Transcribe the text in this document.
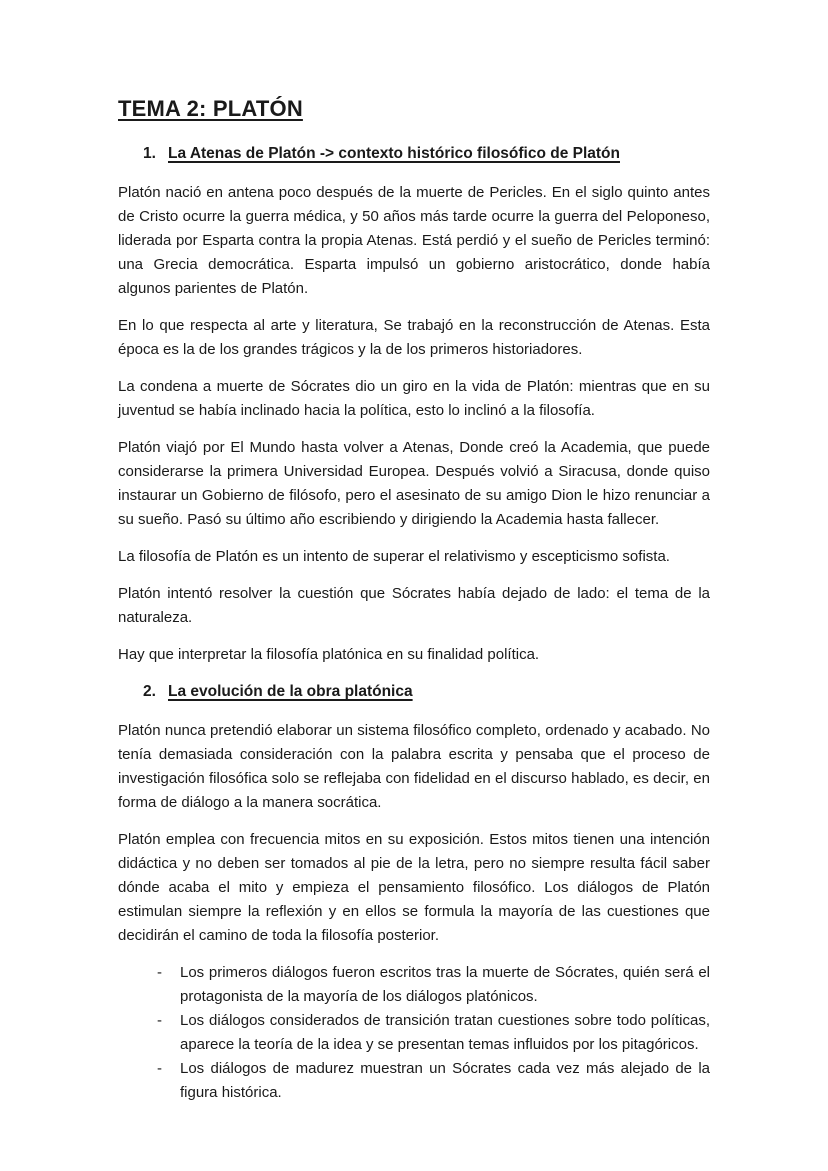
TEMA 2: PLATÓN
1. La Atenas de Platón -> contexto histórico filosófico de Platón

Platón nació en antena poco después de la muerte de Pericles. En el siglo quinto antes de Cristo ocurre la guerra médica, y 50 años más tarde ocurre la guerra del Peloponeso, liderada por Esparta contra la propia Atenas. Está perdió y el sueño de Pericles terminó: una Grecia democrática. Esparta impulsó un gobierno aristocrático, donde había algunos parientes de Platón.

En lo que respecta al arte y literatura, Se trabajó en la reconstrucción de Atenas. Esta época es la de los grandes trágicos y la de los primeros historiadores.

La condena a muerte de Sócrates dio un giro en la vida de Platón: mientras que en su juventud se había inclinado hacia la política, esto lo inclinó a la filosofía.

Platón viajó por El Mundo hasta volver a Atenas, Donde creó la Academia, que puede considerarse la primera Universidad Europea. Después volvió a Siracusa, donde quiso instaurar un Gobierno de filósofo, pero el asesinato de su amigo Dion le hizo renunciar a su sueño. Pasó su último año escribiendo y dirigiendo la Academia hasta fallecer.

La filosofía de Platón es un intento de superar el relativismo y escepticismo sofista.

Platón intentó resolver la cuestión que Sócrates había dejado de lado: el tema de la naturaleza.

Hay que interpretar la filosofía platónica en su finalidad política.

2. La evolución de la obra platónica

Platón nunca pretendió elaborar un sistema filosófico completo, ordenado y acabado. No tenía demasiada consideración con la palabra escrita y pensaba que el proceso de investigación filosófica solo se reflejaba con fidelidad en el discurso hablado, es decir, en forma de diálogo a la manera socrática.

Platón emplea con frecuencia mitos en su exposición. Estos mitos tienen una intención didáctica y no deben ser tomados al pie de la letra, pero no siempre resulta fácil saber dónde acaba el mito y empieza el pensamiento filosófico. Los diálogos de Platón estimulan siempre la reflexión y en ellos se formula la mayoría de las cuestiones que decidirán el camino de toda la filosofía posterior.

-	Los primeros diálogos fueron escritos tras la muerte de Sócrates, quién será el protagonista de la mayoría de los diálogos platónicos.
-	Los diálogos considerados de transición tratan cuestiones sobre todo políticas, aparece la teoría de la idea y se presentan temas influidos por los pitagóricos.
-	Los diálogos de madurez muestran un Sócrates cada vez más alejado de la figura histórica.
